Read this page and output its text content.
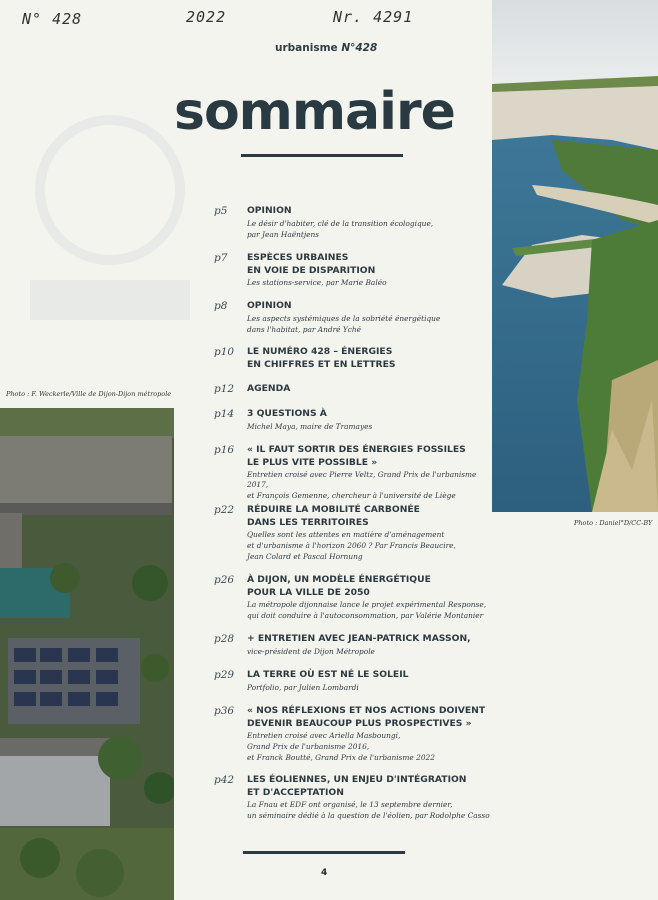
N° 428	2022	Nr. 4291
urbanisme N°428
sommaire
Photo : Daniel°D/CC-BY
Photo : F. Weckerle/Ville de Dijon-Dijon métropole
p5 OPINION
Le désir d'habiter, clé de la transition écologique,
par Jean Haëntjens
p7 ESPÈCES URBAINES
EN VOIE DE DISPARITION
Les stations-service, par Marie Baléo
p8 OPINION
Les aspects systémiques de la sobriété énergétique
dans l'habitat, par André Yché
p10 LE NUMÉRO 428 – ÉNERGIES
EN CHIFFRES ET EN LETTRES
p12 AGENDA
p14 3 QUESTIONS À
Michel Maya, maire de Tramayes
p16 « IL FAUT SORTIR DES ÉNERGIES FOSSILES
LE PLUS VITE POSSIBLE »
Entretien croisé avec Pierre Veltz, Grand Prix de l'urbanisme 2017,
et François Gemenne, chercheur à l'université de Liège
p22 RÉDUIRE LA MOBILITÉ CARBONÉE
DANS LES TERRITOIRES
Quelles sont les attentes en matière d'aménagement
et d'urbanisme à l'horizon 2060 ? Par Francis Beaucire,
Jean Colard et Pascal Hornung
p26 À DIJON, UN MODÈLE ÉNERGÉTIQUE
POUR LA VILLE DE 2050
La métropole dijonnaise lance le projet expérimental Response,
qui doit conduire à l'autoconsommation, par Valérie Montanier
p28 + ENTRETIEN AVEC JEAN-PATRICK MASSON,
vice-président de Dijon Métropole
p29 LA TERRE OÙ EST NÉ LE SOLEIL
Portfolio, par Julien Lombardi
p36 « NOS RÉFLEXIONS ET NOS ACTIONS DOIVENT
DEVENIR BEAUCOUP PLUS PROSPECTIVES »
Entretien croisé avec Ariella Masboungi,
Grand Prix de l'urbanisme 2016,
et Franck Boutté, Grand Prix de l'urbanisme 2022
p42 LES ÉOLIENNES, UN ENJEU D'INTÉGRATION
ET D'ACCEPTATION
La Fnau et EDF ont organisé, le 13 septembre dernier,
un séminaire dédié à la question de l'éolien, par Rodolphe Casso
4
